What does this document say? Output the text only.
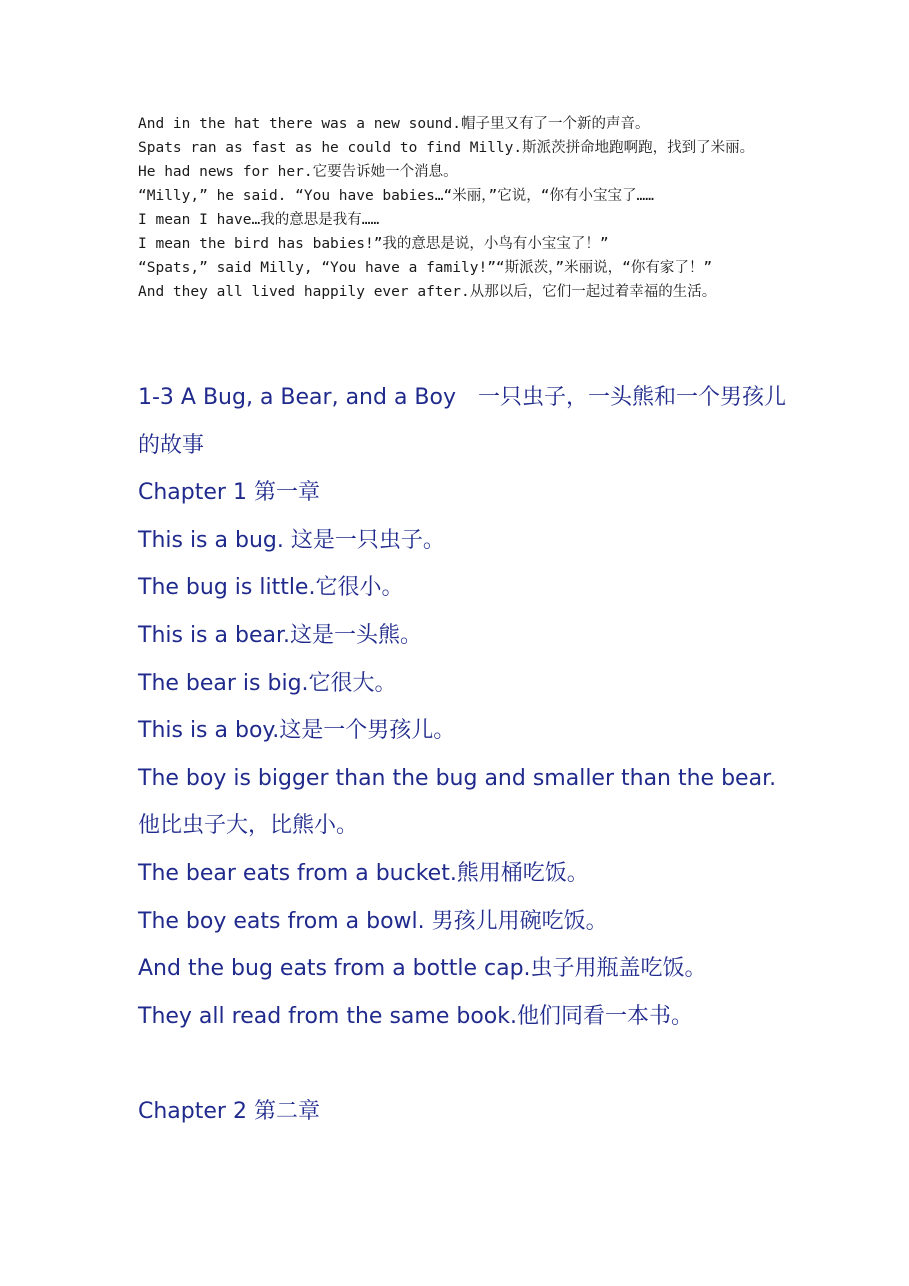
And in the hat there was a new sound.帽子里又有了一个新的声音。

Spats ran as fast as he could to find Milly.斯派茨拼命地跑啊跑，找到了米丽。

He had news for her.它要告诉她一个消息。

“Milly,” he said. “You have babies…“米丽，”它说，“你有小宝宝了……

I mean I have…我的意思是我有……

I mean the bird has babies!”我的意思是说，小鸟有小宝宝了！”

“Spats,” said Milly, “You have a family!”“斯派茨，”米丽说，“你有家了！”

And they all lived happily ever after.从那以后，它们一起过着幸福的生活。

1-3 A Bug, a Bear, and a Boy　一只虫子，一头熊和一个男孩儿的故事

Chapter 1 第一章

This is a bug. 这是一只虫子。

The bug is little.它很小。

This is a bear.这是一头熊。

The bear is big.它很大。

This is a boy.这是一个男孩儿。

The boy is bigger than the bug and smaller than the bear. 他比虫子大，比熊小。

The bear eats from a bucket.熊用桶吃饭。

The boy eats from a bowl. 男孩儿用碗吃饭。

And the bug eats from a bottle cap.虫子用瓶盖吃饭。

They all read from the same book.他们同看一本书。

Chapter 2 第二章
